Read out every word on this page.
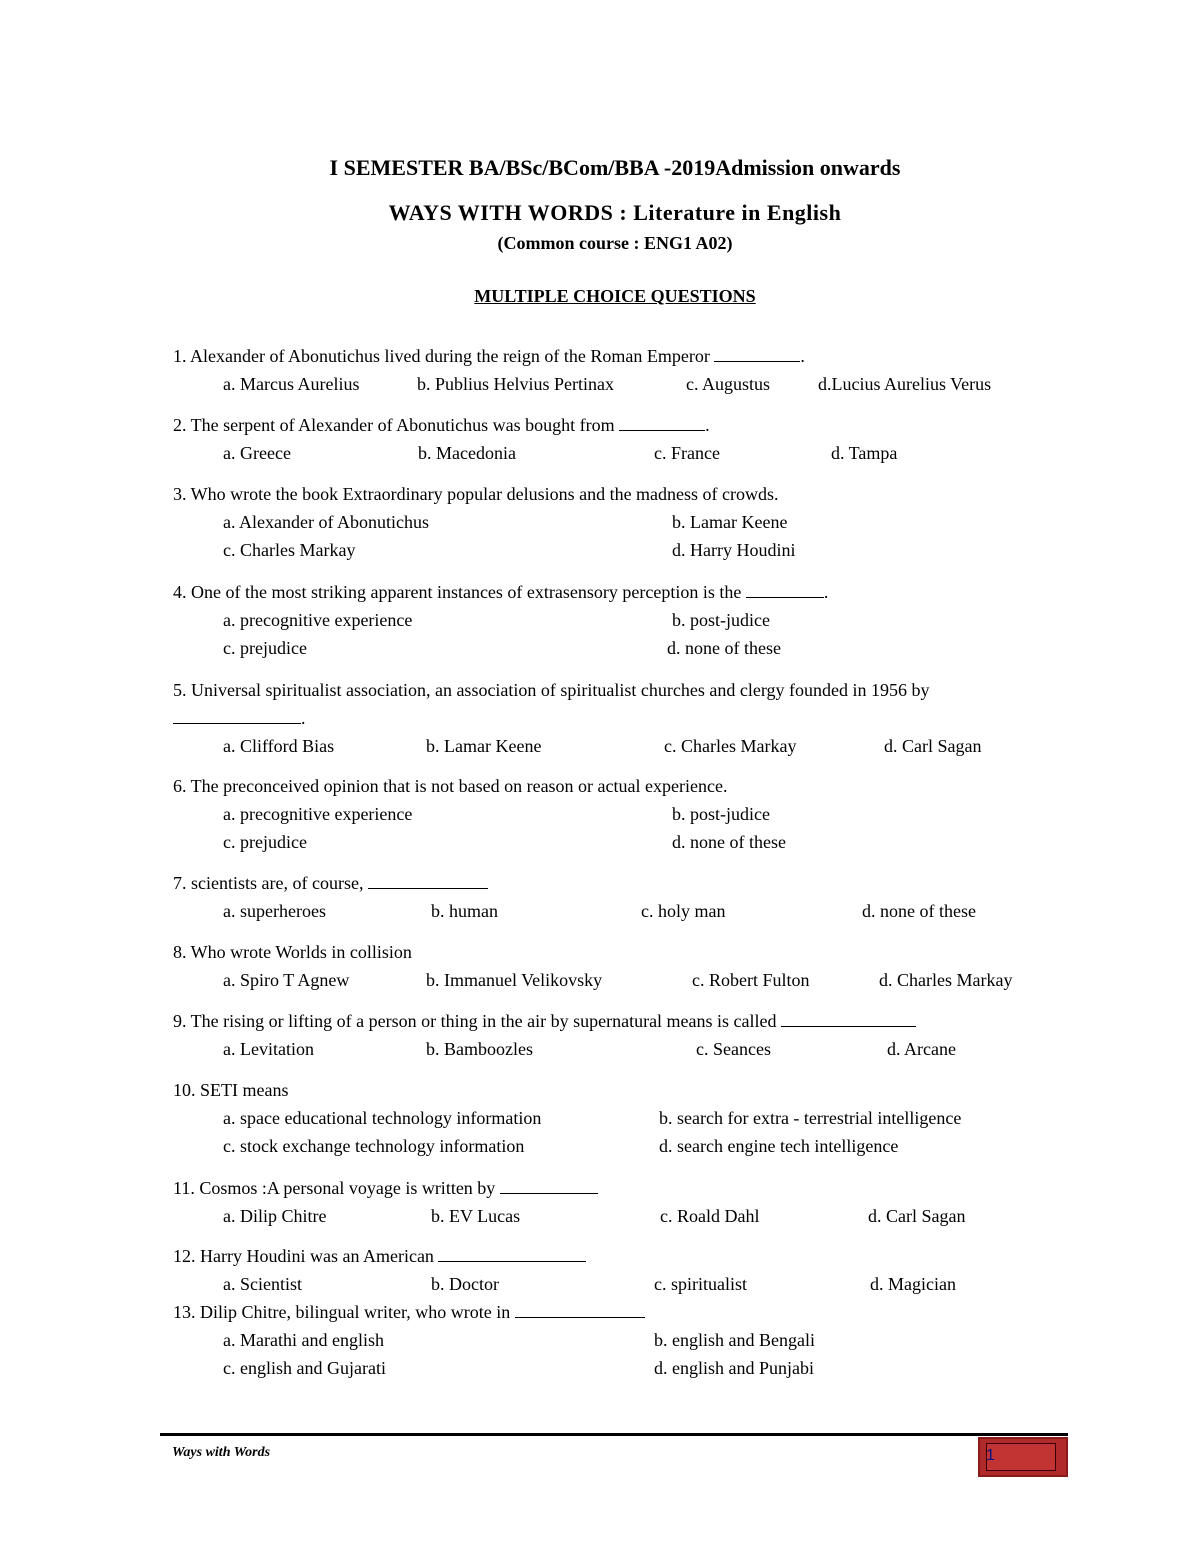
I SEMESTER BA/BSc/BCom/BBA -2019Admission onwards
WAYS WITH WORDS : Literature in English
(Common course : ENG1 A02)
MULTIPLE CHOICE QUESTIONS
1. Alexander of Abonutichus lived during the reign of the Roman Emperor	.
a. Marcus Aurelius	b. Publius Helvius Pertinax	c. Augustus	d.Lucius Aurelius Verus
2. The serpent of Alexander of Abonutichus was bought from	.
a. Greece	b. Macedonia	c. France	d. Tampa
3. Who wrote the book Extraordinary popular delusions and the madness of crowds.
a. Alexander of Abonutichus	b. Lamar Keene
c. Charles Markay	d. Harry Houdini
4. One of the most striking apparent instances of extrasensory perception is the	.
a. precognitive experience	b. post-judice
c. prejudice	d. none of these
5. Universal spiritualist association, an association of spiritualist churches and clergy founded in 1956 by .
a. Clifford Bias	b. Lamar Keene	c. Charles Markay	d. Carl Sagan
6. The preconceived opinion that is not based on reason or actual experience.
a. precognitive experience	b. post-judice
c. prejudice	d. none of these
7. scientists are, of course,
a. superheroes	b. human	c. holy man	d. none of these
8. Who wrote Worlds in collision
a. Spiro T Agnew	b. Immanuel Velikovsky	c. Robert Fulton	d. Charles Markay
9. The rising or lifting of a person or thing in the air by supernatural means is called
a. Levitation	b. Bamboozles	c. Seances	d. Arcane
10. SETI means
a. space educational technology information	b. search for extra - terrestrial intelligence
c. stock exchange technology information	d. search engine tech intelligence
11. Cosmos :A personal voyage is written by
a. Dilip Chitre	b. EV Lucas	c. Roald Dahl	d. Carl Sagan
12. Harry Houdini was an American
a. Scientist	b. Doctor	c. spiritualist	d. Magician
13. Dilip Chitre, bilingual writer, who wrote in
a. Marathi and english	b. english and Bengali
c. english and Gujarati	d. english and Punjabi
Ways with Words	1
